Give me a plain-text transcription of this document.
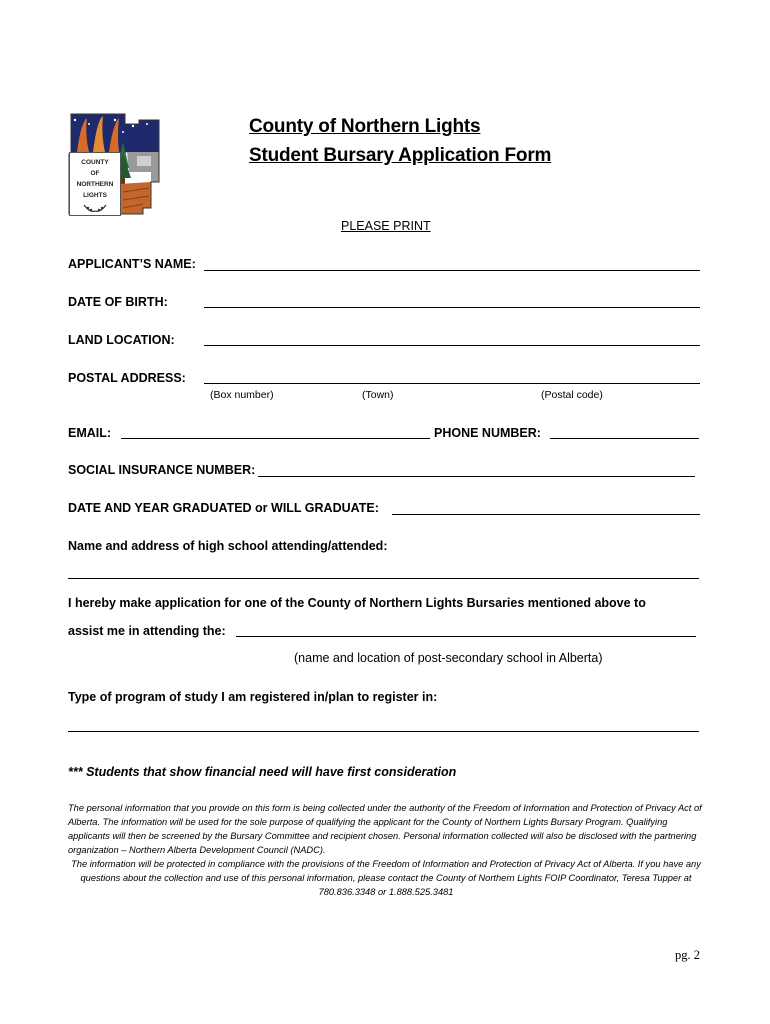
COUNTY
OF
NORTHERN
LIGHTS
County of Northern Lights
Student Bursary Application Form
PLEASE PRINT
APPLICANT’S NAME:
DATE OF BIRTH:
LAND LOCATION:
POSTAL ADDRESS:
(Box number)	(Town)	(Postal code)
EMAIL:	PHONE NUMBER:
SOCIAL INSURANCE NUMBER:
DATE AND YEAR GRADUATED or WILL GRADUATE:
Name and address of high school attending/attended:
I hereby make application for one of the County of Northern Lights Bursaries mentioned above to
assist me in attending the:
(name and location of post-secondary school in Alberta)
Type of program of study I am registered in/plan to register in:
*** Students that show financial need will have first consideration
The personal information that you provide on this form is being collected under the authority of the Freedom of Information and Protection of Privacy Act of Alberta. The information will be used for the sole purpose of qualifying the applicant for the County of Northern Lights Bursary Program. Qualifying applicants will then be screened by the Bursary Committee and recipient chosen. Personal information collected will also be disclosed with the partnering organization – Northern Alberta Development Council (NADC).
The information will be protected in compliance with the provisions of the Freedom of Information and Protection of Privacy Act of Alberta. If you have any questions about the collection and use of this personal information, please contact the County of Northern Lights FOIP Coordinator, Teresa Tupper at 780.836.3348 or 1.888.525.3481
pg. 2
